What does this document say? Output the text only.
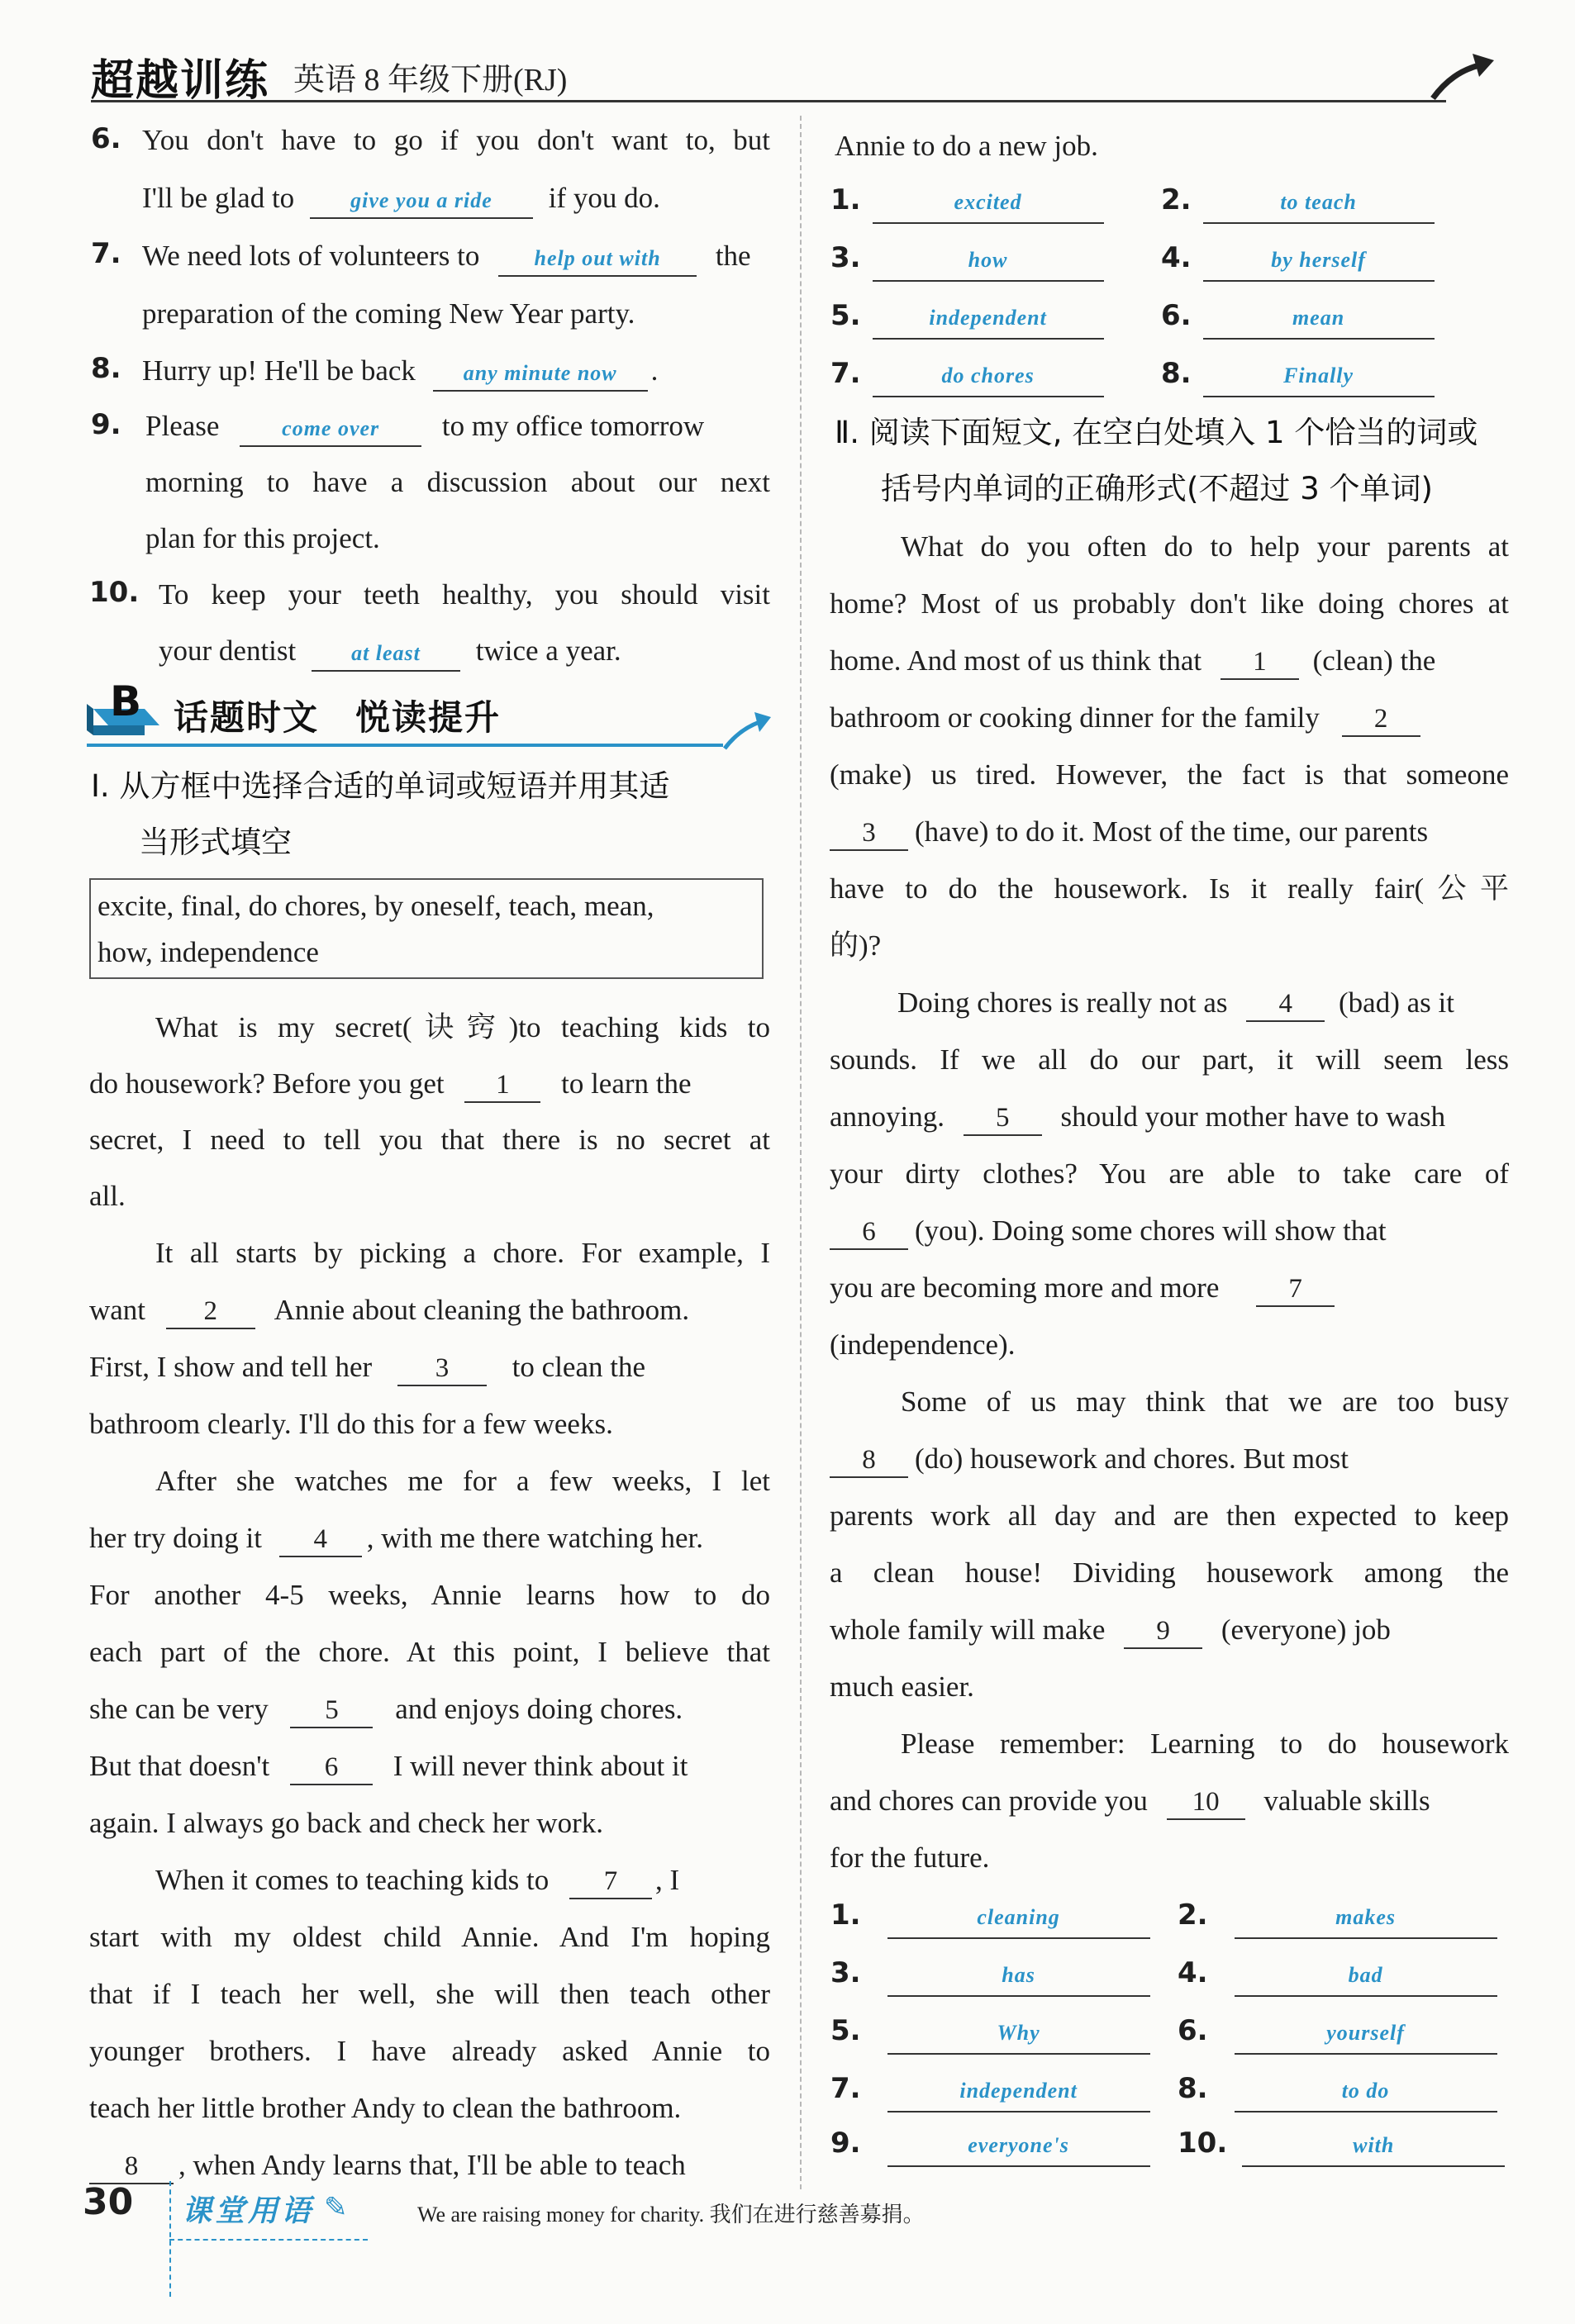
超越训练 英语 8 年级下册(RJ)
6. You don't have to go if you don't want to, but
I'll be glad to	give you a ride if you do.
7. We need lots of volunteers to	help out with the
preparation of the coming New Year party.
8. Hurry up! He'll be back any minute now .
9. Please	come over to my office tomorrow
morning to have a discussion about our next
plan for this project.
10. To keep your teeth healthy, you should visit
your dentist	at least twice a year.
B 话题时文　悦读提升
Ⅰ. 从方框中选择合适的单词或短语并用其适
当形式填空
excite, final, do chores, by oneself, teach, mean,
how, independence
What is my secret(诀窍)to teaching kids to
do housework? Before you get 1 to learn the
secret, I need to tell you that there is no secret at
all.
It all starts by picking a chore. For example, I
want 2 Annie about cleaning the bathroom.
First, I show and tell her 3 to clean the
bathroom clearly. I'll do this for a few weeks.
After she watches me for a few weeks, I let
her try doing it 4 , with me there watching her.
For another 4-5 weeks, Annie learns how to do
each part of the chore. At this point, I believe that
she can be very 5 and enjoys doing chores.
But that doesn't 6 I will never think about it
again. I always go back and check her work.
When it comes to teaching kids to 7 , I
start with my oldest child Annie. And I'm hoping
that if I teach her well, she will then teach other
younger brothers. I have already asked Annie to
teach her little brother Andy to clean the bathroom.
8 , when Andy learns that, I'll be able to teach
Annie to do a new job.
1.	excited	2.	to teach
3.	how	4.	by herself
5.	independent	6.	mean
7.	do chores	8.	Finally
Ⅱ. 阅读下面短文, 在空白处填入 1 个恰当的词或
括号内单词的正确形式(不超过 3 个单词)
What do you often do to help your parents at
home? Most of us probably don't like doing chores at
home. And most of us think that 1 (clean) the
bathroom or cooking dinner for the family 2
(make) us tired. However, the fact is that someone
3 (have) to do it. Most of the time, our parents
have to do the housework. Is it really fair(公平
的)?
Doing chores is really not as 4 (bad) as it
sounds. If we all do our part, it will seem less
annoying. 5 should your mother have to wash
your dirty clothes? You are able to take care of
6 (you). Doing some chores will show that
you are becoming more and more	7
(independence).
Some of us may think that we are too busy
8 (do) housework and chores. But most
parents work all day and are then expected to keep
a clean house! Dividing housework among the
whole family will make 9 (everyone) job
much easier.
Please remember: Learning to do housework
and chores can provide you 10 valuable skills
for the future.
1.	cleaning	2.	makes
3.	has	4.	bad
5.	Why	6.	yourself
7.	independent	8.	to do
9.	everyone's	10.	with
30 课堂用语 ✎	We are raising money for charity. 我们在进行慈善募捐。
